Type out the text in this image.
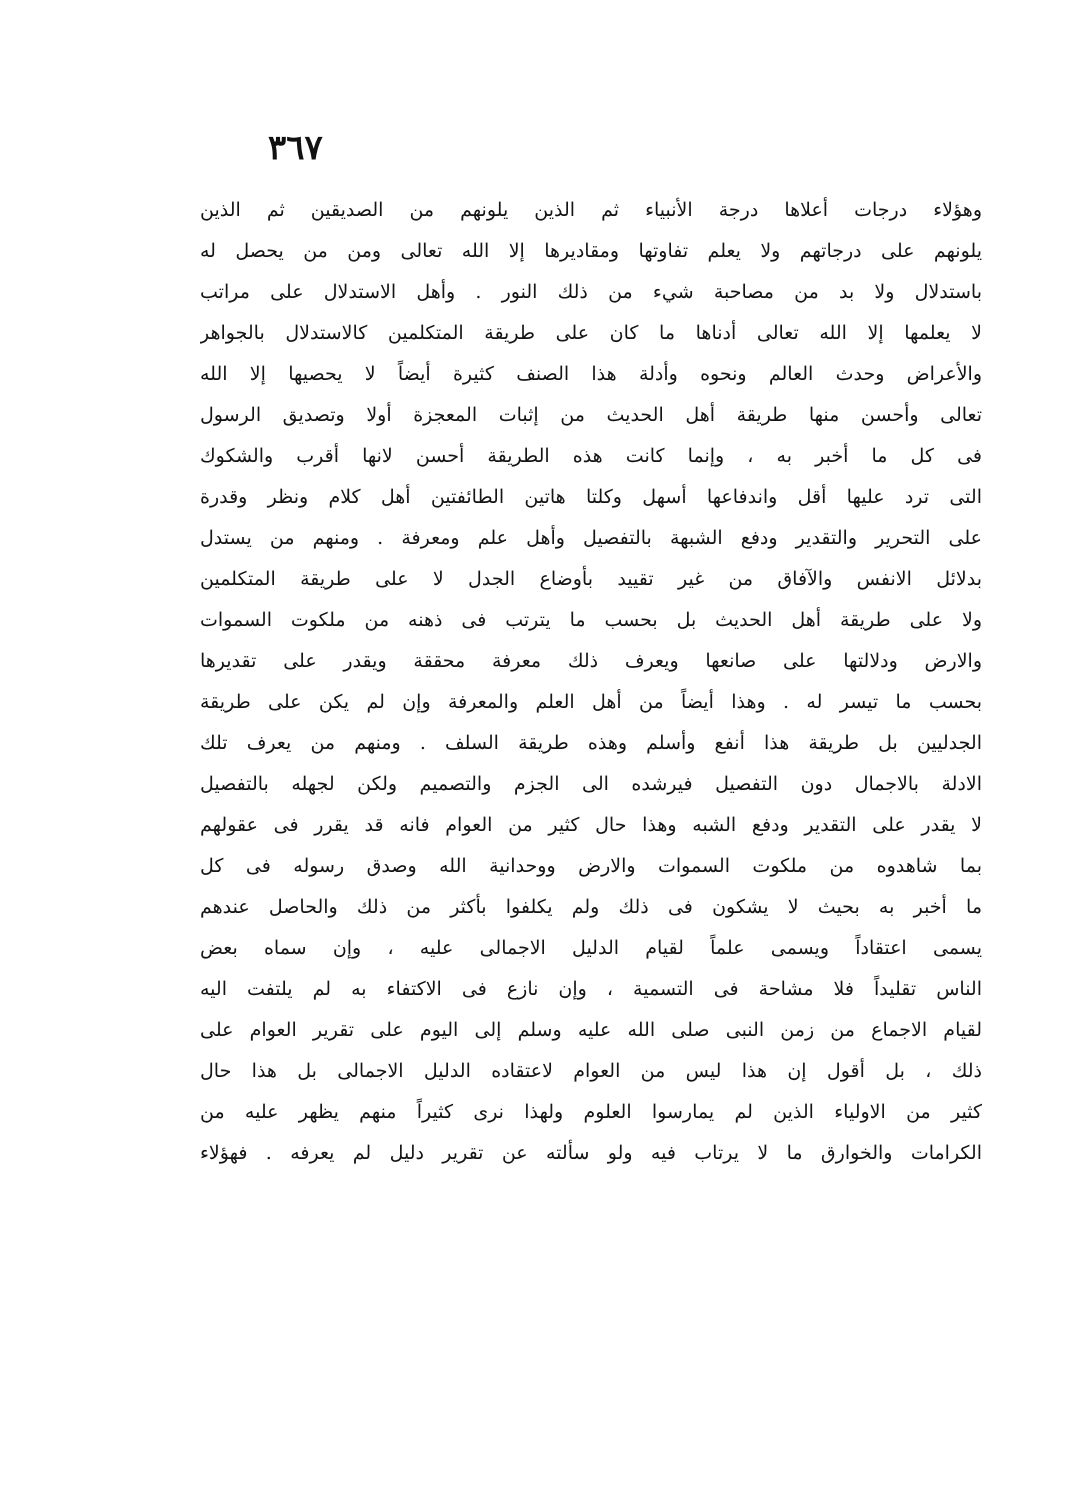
٣٦٧
وهؤلاء درجات أعلاها درجة الأنبياء ثم الذين يلونهم من الصديقين ثم الذين
يلونهم على درجاتهم ولا يعلم تفاوتها ومقاديرها إلا الله تعالى ومن من يحصل له
باستدلال ولا بد من مصاحبة شيء من ذلك النور . وأهل الاستدلال على مراتب
لا يعلمها إلا الله تعالى أدناها ما كان على طريقة المتكلمين كالاستدلال بالجواهر
والأعراض وحدث العالم ونحوه وأدلة هذا الصنف كثيرة أيضاً لا يحصيها إلا الله
تعالى وأحسن منها طريقة أهل الحديث من إثبات المعجزة أولا وتصديق الرسول
فى كل ما أخبر به ، وإنما كانت هذه الطريقة أحسن لانها أقرب والشكوك
التى ترد عليها أقل واندفاعها أسهل وكلتا هاتين الطائفتين أهل كلام ونظر وقدرة
على التحرير والتقدير ودفع الشبهة بالتفصيل وأهل علم ومعرفة . ومنهم من يستدل
بدلائل الانفس والآفاق من غير تقييد بأوضاع الجدل لا على طريقة المتكلمين
ولا على طريقة أهل الحديث بل بحسب ما يترتب فى ذهنه من ملكوت السموات
والارض ودلالتها على صانعها ويعرف ذلك معرفة محققة ويقدر على تقديرها
بحسب ما تيسر له . وهذا أيضاً من أهل العلم والمعرفة وإن لم يكن على طريقة
الجدليين بل طريقة هذا أنفع وأسلم وهذه طريقة السلف . ومنهم من يعرف تلك
الادلة بالاجمال دون التفصيل فيرشده الى الجزم والتصميم ولكن لجهله بالتفصيل
لا يقدر على التقدير ودفع الشبه وهذا حال كثير من العوام فانه قد يقرر فى عقولهم
بما شاهدوه من ملكوت السموات والارض ووحدانية الله وصدق رسوله فى كل
ما أخبر به بحيث لا يشكون فى ذلك ولم يكلفوا بأكثر من ذلك والحاصل عندهم
يسمى اعتقاداً ويسمى علماً لقيام الدليل الاجمالى عليه ، وإن سماه بعض
الناس تقليداً فلا مشاحة فى التسمية ، وإن نازع فى الاكتفاء به لم يلتفت اليه
لقيام الاجماع من زمن النبى صلى الله عليه وسلم إلى اليوم على تقرير العوام على
ذلك ، بل أقول إن هذا ليس من العوام لاعتقاده الدليل الاجمالى بل هذا حال
كثير من الاولياء الذين لم يمارسوا العلوم ولهذا نرى كثيراً منهم يظهر عليه من
الكرامات والخوارق ما لا يرتاب فيه ولو سألته عن تقرير دليل لم يعرفه . فهؤلاء
